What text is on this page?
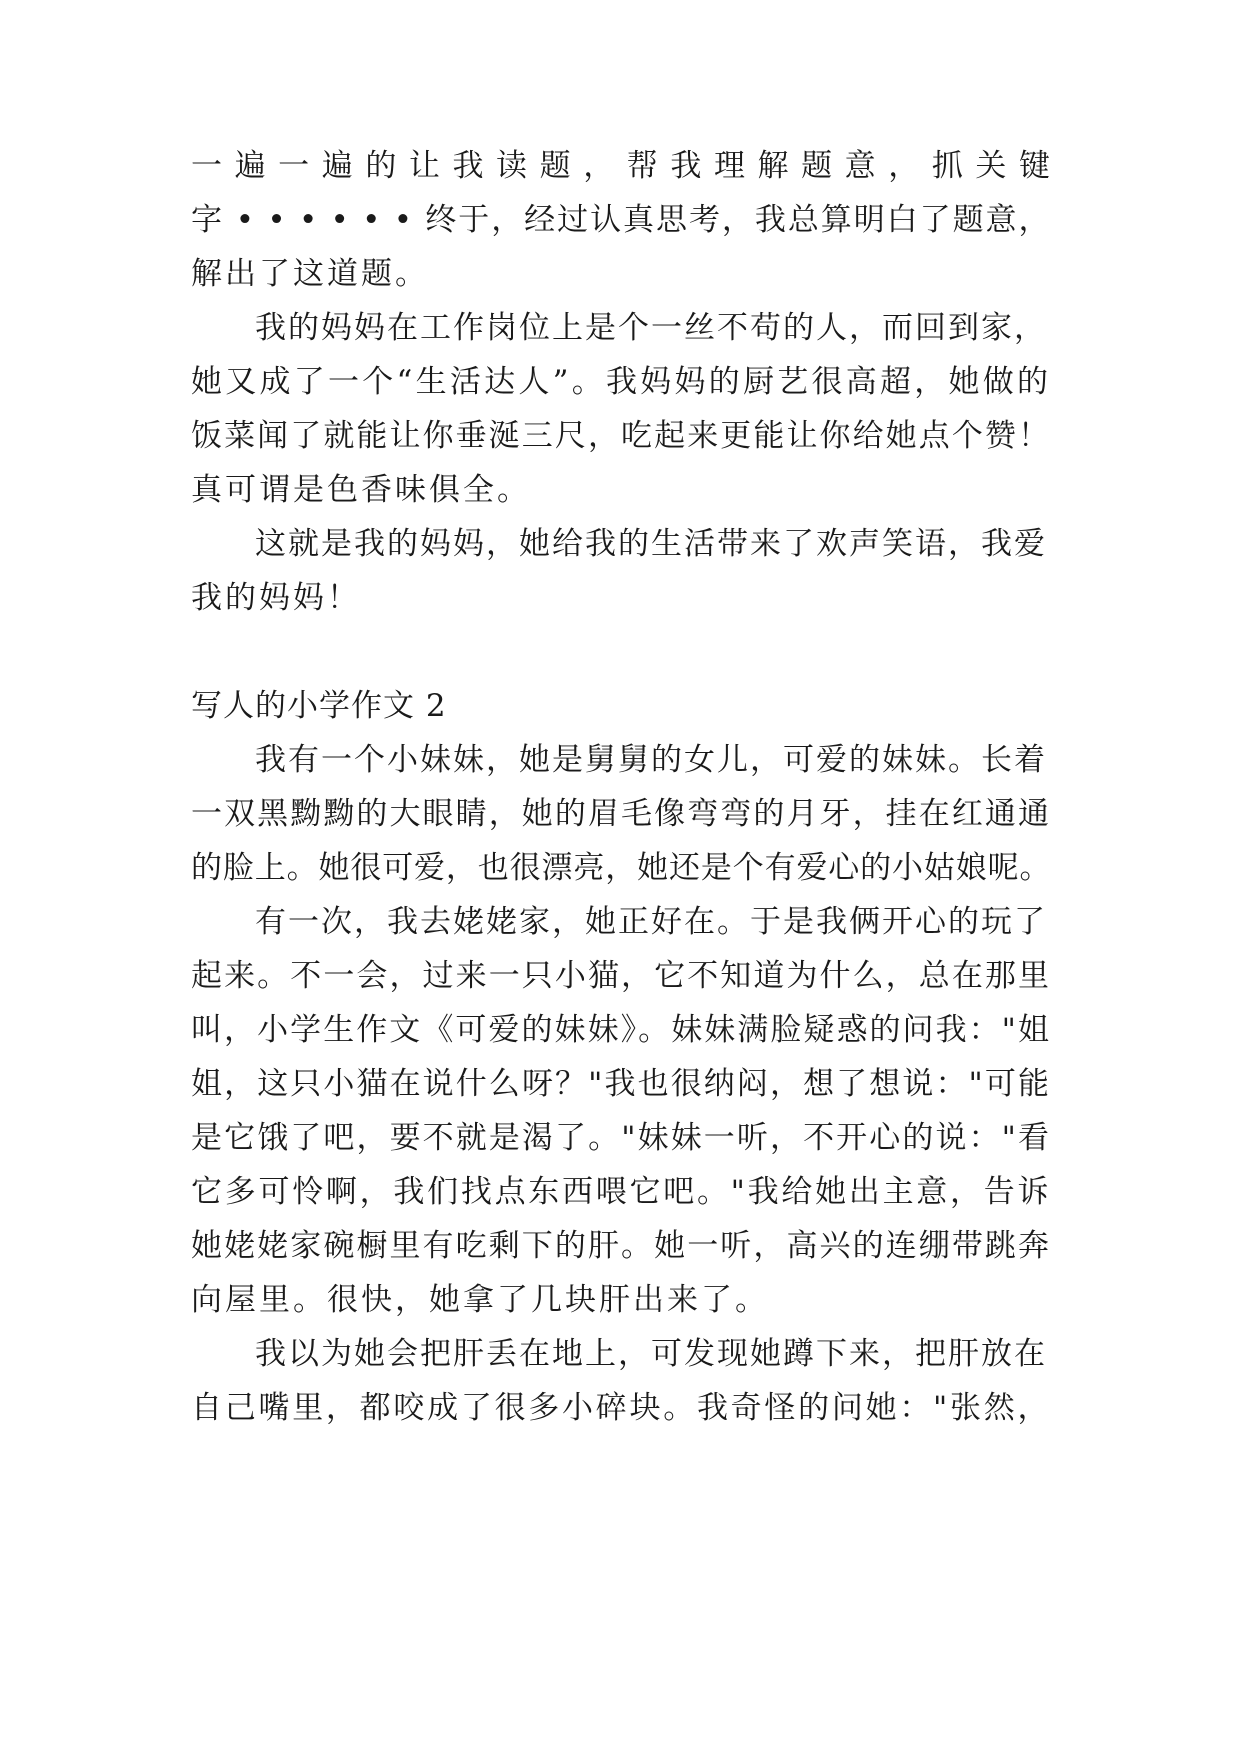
一 遍 一 遍 的 让 我 读 题 ， 帮 我 理 解 题 意 ， 抓 关 键
字 • • • • • • 终于，经过认真思考，我总算明白了题意，
解出了这道题。
我的妈妈在工作岗位上是个一丝不苟的人，而回到家，
她又成了一个“生活达人”。我妈妈的厨艺很高超，她做的
饭菜闻了就能让你垂涎三尺，吃起来更能让你给她点个赞！
真可谓是色香味俱全。
这就是我的妈妈，她给我的生活带来了欢声笑语，我爱
我的妈妈！
写人的小学作文 2
我有一个小妹妹，她是舅舅的女儿，可爱的妹妹。长着
一双黑黝黝的大眼睛，她的眉毛像弯弯的月牙，挂在红通通
的脸上。她很可爱，也很漂亮，她还是个有爱心的小姑娘呢。
有一次，我去姥姥家，她正好在。于是我俩开心的玩了
起来。不一会，过来一只小猫，它不知道为什么，总在那里
叫，小学生作文《可爱的妹妹》。妹妹满脸疑惑的问我："姐
姐，这只小猫在说什么呀？"我也很纳闷，想了想说："可能
是它饿了吧，要不就是渴了。"妹妹一听，不开心的说："看
它多可怜啊，我们找点东西喂它吧。"我给她出主意，告诉
她姥姥家碗橱里有吃剩下的肝。她一听，高兴的连绷带跳奔
向屋里。很快，她拿了几块肝出来了。
我以为她会把肝丢在地上，可发现她蹲下来，把肝放在
自己嘴里，都咬成了很多小碎块。我奇怪的问她："张然，
